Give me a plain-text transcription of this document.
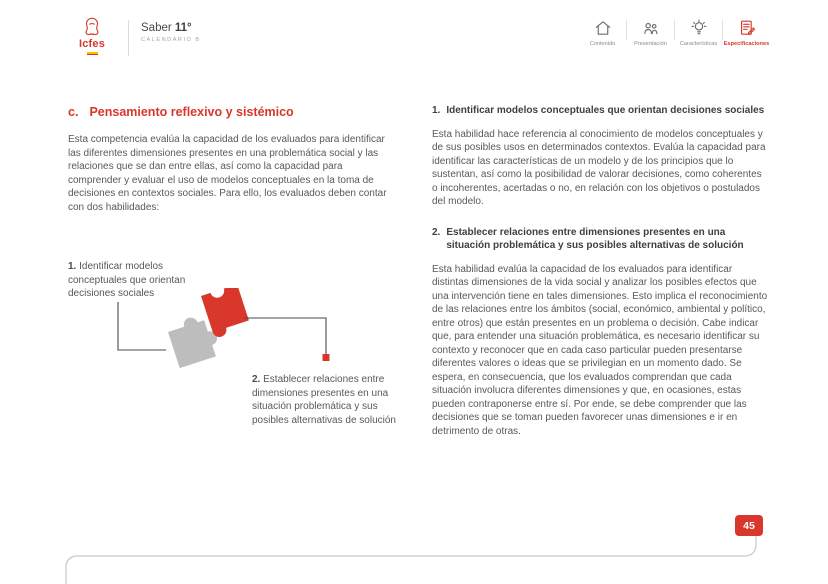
Icfes
Saber 11°
CALENDARIO B
Contenido	Presentación Características Especificaciones
c. Pensamiento reflexivo y sistémico

Esta competencia evalúa la capacidad de los evaluados para identificar las diferentes dimensiones presentes en una problemática social y las relaciones que se dan entre ellas, así como la capacidad para comprender y evaluar el uso de modelos conceptuales en la toma de decisiones en contextos sociales. Para ello, los evaluados deben contar con dos habilidades:

1. Identificar modelos conceptuales que orientan decisiones sociales
2. Establecer relaciones entre dimensiones presentes en una situación problemática y sus posibles alternativas de solución
1. Identificar modelos conceptuales que orientan decisiones sociales

Esta habilidad hace referencia al conocimiento de modelos conceptuales y de sus posibles usos en determinados contextos. Evalúa la capacidad para identificar las características de un modelo y de los principios que lo sustentan, así como la posibilidad de valorar decisiones, como coherentes o incoherentes, acertadas o no, en relación con los objetivos o postulados del modelo.

2. Establecer relaciones entre dimensiones presentes en una situación problemática y sus posibles alternativas de solución

Esta habilidad evalúa la capacidad de los evaluados para identificar distintas dimensiones de la vida social y analizar los posibles efectos que una intervención tiene en tales dimensiones. Esto implica el reconocimiento de las relaciones entre los ámbitos (social, económico, ambiental y político, entre otros) que están presentes en un problema o decisión. Cabe indicar que, para entender una situación problemática, es necesario identificar su contexto y reconocer que en cada caso particular pueden presentarse diferentes valores o ideas que se privilegian en un momento dado. Se espera, en consecuencia, que los evaluados comprendan que cada situación involucra diferentes dimensiones y que, en ocasiones, estas pueden contraponerse entre sí. Por ende, se debe comprender que las decisiones que se toman pueden favorecer unas dimensiones e ir en detrimento de otras.

45
